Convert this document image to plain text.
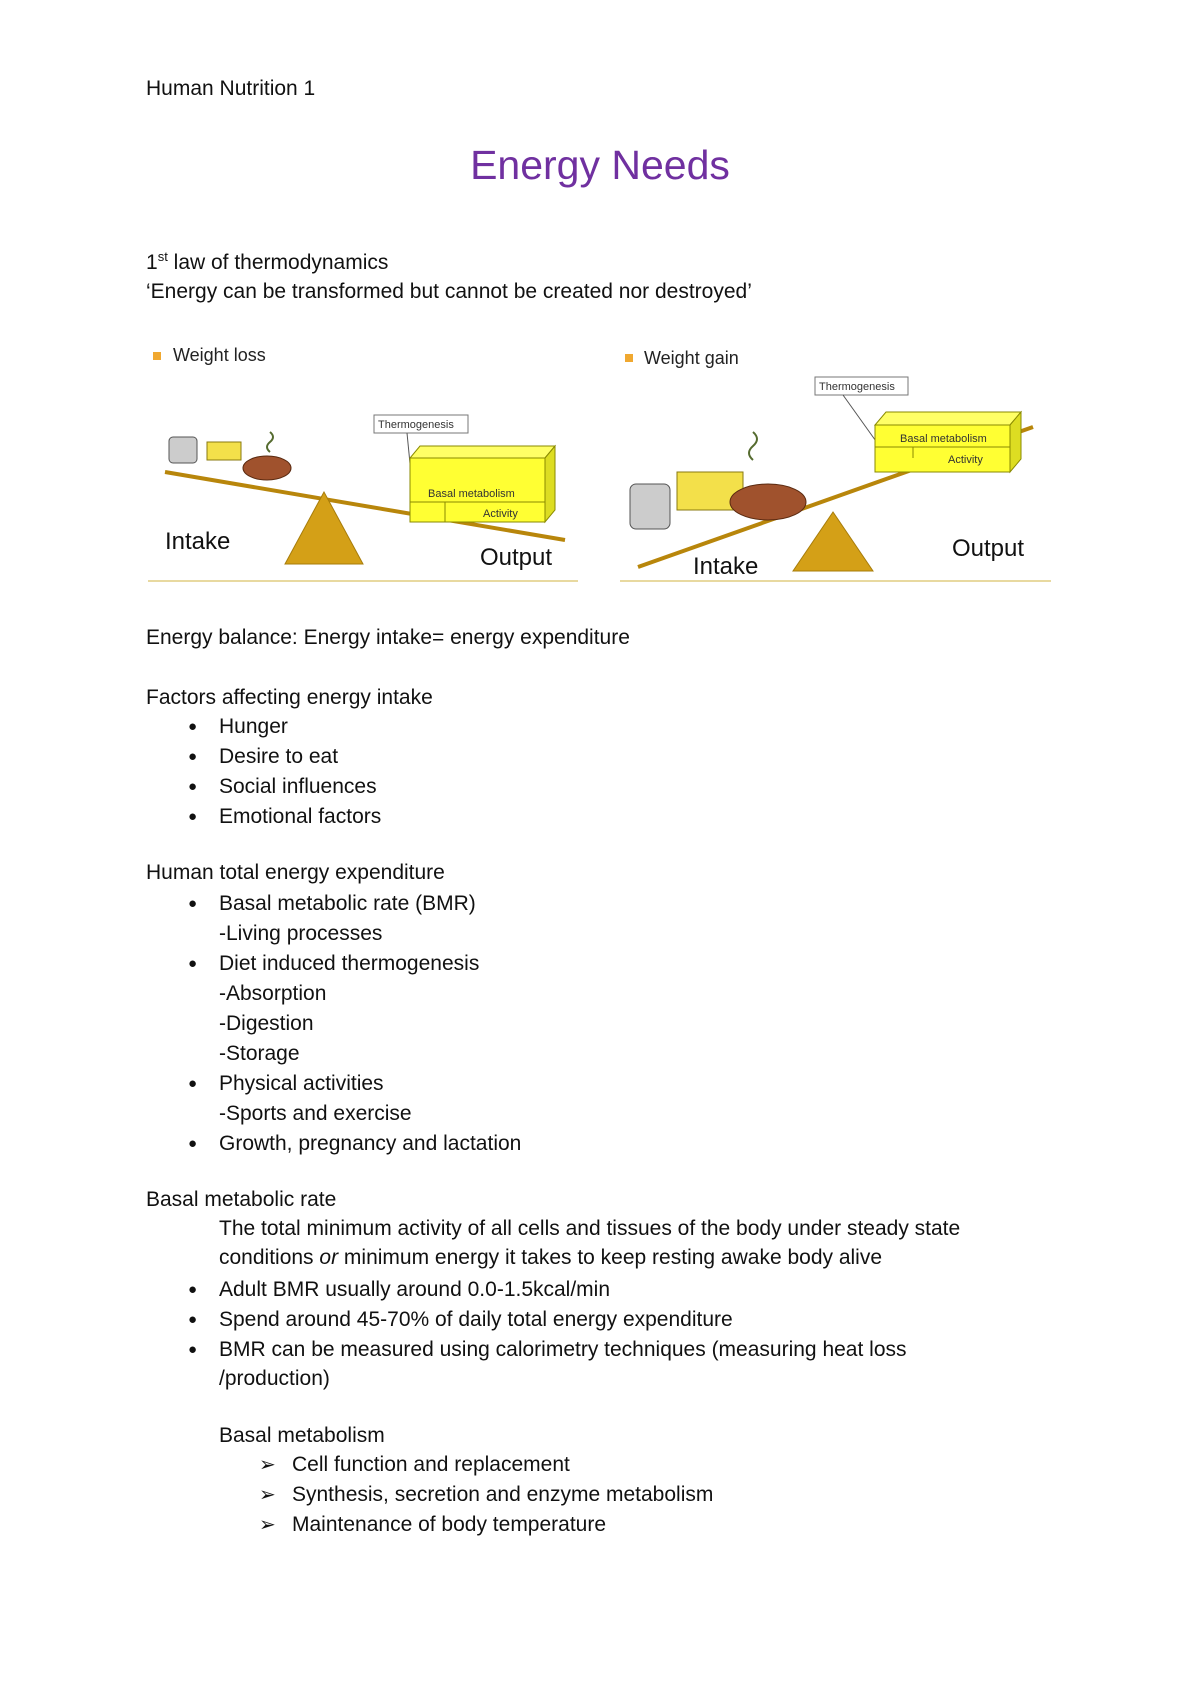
Human Nutrition 1
Energy Needs
1st law of thermodynamics
‘Energy can be transformed but cannot be created nor destroyed’
Weight loss
Thermogenesis
Basal metabolism
Activity
Intake
Output
Weight gain
Thermogenesis
Basal metabolism
Activity
Intake
Output
Energy balance: Energy intake= energy expenditure
Factors affecting energy intake
● Hunger
● Desire to eat
● Social influences
● Emotional factors
Human total energy expenditure
● Basal metabolic rate (BMR)
-Living processes
● Diet induced thermogenesis
-Absorption
-Digestion
-Storage
● Physical activities
-Sports and exercise
● Growth, pregnancy and lactation
Basal metabolic rate
The total minimum activity of all cells and tissues of the body under steady state
conditions or minimum energy it takes to keep resting awake body alive
● Adult BMR usually around 0.0-1.5kcal/min
● Spend around 45-70% of daily total energy expenditure
● BMR can be measured using calorimetry techniques (measuring heat loss
/production)
Basal metabolism
➢ Cell function and replacement
➢ Synthesis, secretion and enzyme metabolism
➢ Maintenance of body temperature
